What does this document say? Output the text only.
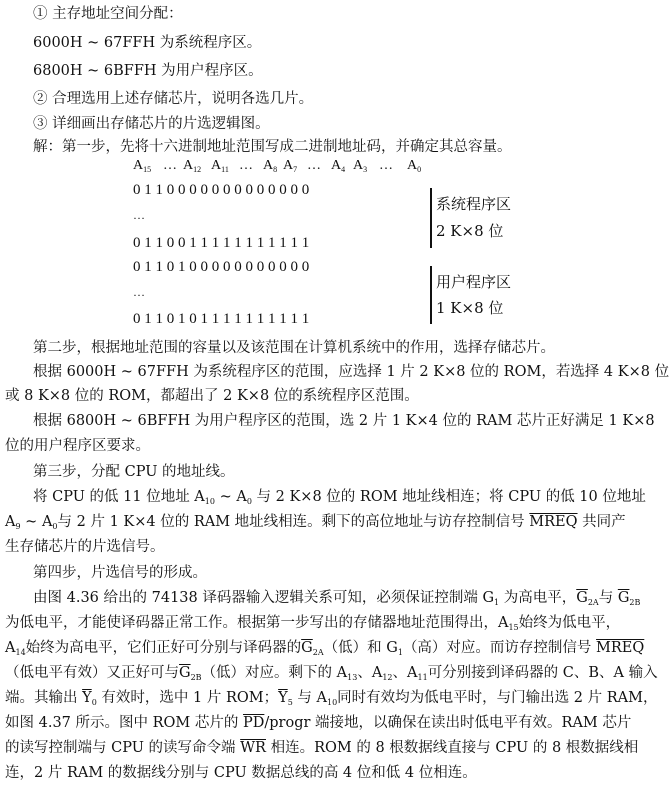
① 主存地址空间分配：
6000H ~ 67FFH 为系统程序区。
6800H ~ 6BFFH 为用户程序区。
② 合理选用上述存储芯片，说明各选几片。
③ 详细画出存储芯片的片选逻辑图。
解：第一步，先将十六进制地址范围写成二进制地址码，并确定其总容量。
A15 … A12 A11 … A8 A7 … A4 A3 … A0
0 1 1 0 0 0 0 0 0 0 0 0 0 0 0 0
…
0 1 1 0 0 1 1 1 1 1 1 1 1 1 1 1
系统程序区
2 K×8 位
0 1 1 0 1 0 0 0 0 0 0 0 0 0 0 0
…
0 1 1 0 1 0 1 1 1 1 1 1 1 1 1 1
用户程序区
1 K×8 位
第二步，根据地址范围的容量以及该范围在计算机系统中的作用，选择存储芯片。
根据 6000H ~ 67FFH 为系统程序区的范围，应选择 1 片 2 K×8 位的 ROM，若选择 4 K×8 位
或 8 K×8 位的 ROM，都超出了 2 K×8 位的系统程序区范围。
根据 6800H ~ 6BFFH 为用户程序区的范围，选 2 片 1 K×4 位的 RAM 芯片正好满足 1 K×8
位的用户程序区要求。
第三步，分配 CPU 的地址线。
将 CPU 的低 11 位地址 $A_{10}$ ~ $A_0$ 与 2 K×8 位的 ROM 地址线相连；将 CPU 的低 10 位地址
$A_9$ ~ $A_0$与 2 片 1 K×4 位的 RAM 地址线相连。剩下的高位地址与访存控制信号 MREQ 共同产
生存储芯片的片选信号。
第四步，片选信号的形成。
由图 4.36 给出的 74138 译码器输入逻辑关系可知，必须保证控制端 $G_1$ 为高电平，$\overline{G}_{2A}$与 $\overline{G}_{2B}$
为低电平，才能使译码器正常工作。根据第一步写出的存储器地址范围得出，$A_{15}$始终为低电平，
$A_{14}$始终为高电平，它们正好可分别与译码器的$\overline{G}_{2A}$（低）和 $G_1$（高）对应。而访存控制信号 MREQ
（低电平有效）又正好可与$\overline{G}_{2B}$（低）对应。剩下的 $A_{13}$、$A_{12}$、$A_{11}$可分别接到译码器的 C、B、A 输入
端。其输出 $\overline{Y}_0$ 有效时，选中 1 片 ROM；$\overline{Y}_5$ 与 $A_{10}$同时有效均为低电平时，与门输出选 2 片 RAM，
如图 4.37 所示。图中 ROM 芯片的 $\overline{PD}$/progr 端接地，以确保在读出时低电平有效。RAM 芯片
的读写控制端与 CPU 的读写命令端 $\overline{WR}$ 相连。ROM 的 8 根数据线直接与 CPU 的 8 根数据线相
连，2 片 RAM 的数据线分别与 CPU 数据总线的高 4 位和低 4 位相连。
